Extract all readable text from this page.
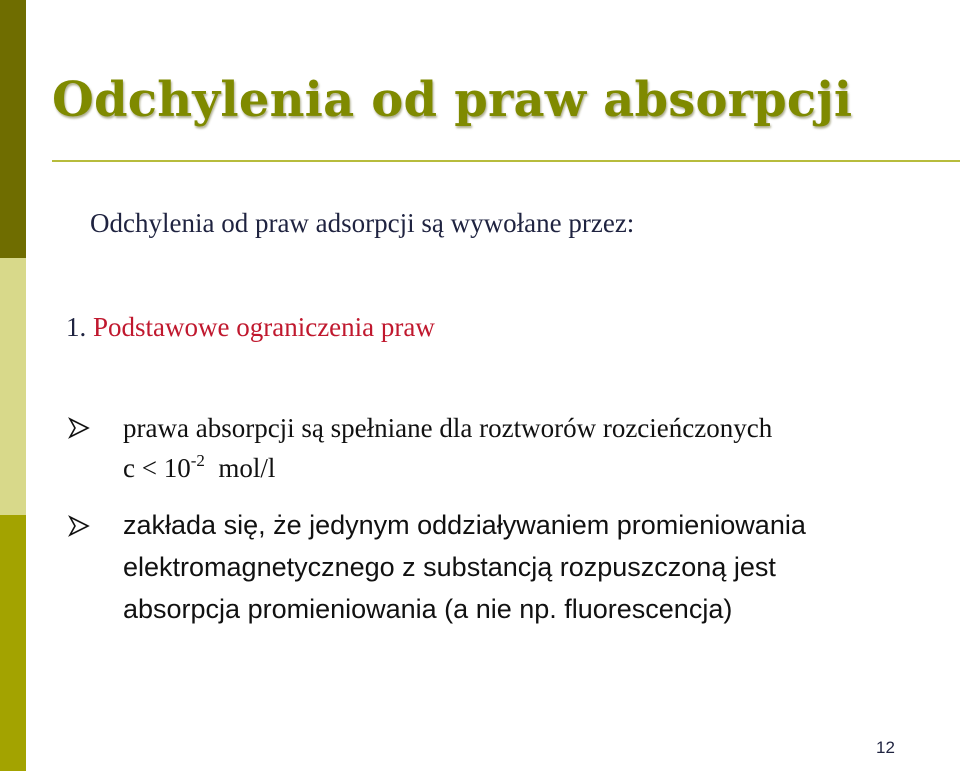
Odchylenia od praw absorpcji
Odchylenia od praw adsorpcji są wywołane przez:
1. Podstawowe ograniczenia praw
prawa absorpcji są spełniane dla roztworów rozcieńczonych
$c < 10^{-2}$ mol/l
zakłada się, że jedynym oddziaływaniem promieniowania
elektromagnetycznego z substancją rozpuszczoną jest
absorpcja promieniowania (a nie np. fluorescencja)
12
